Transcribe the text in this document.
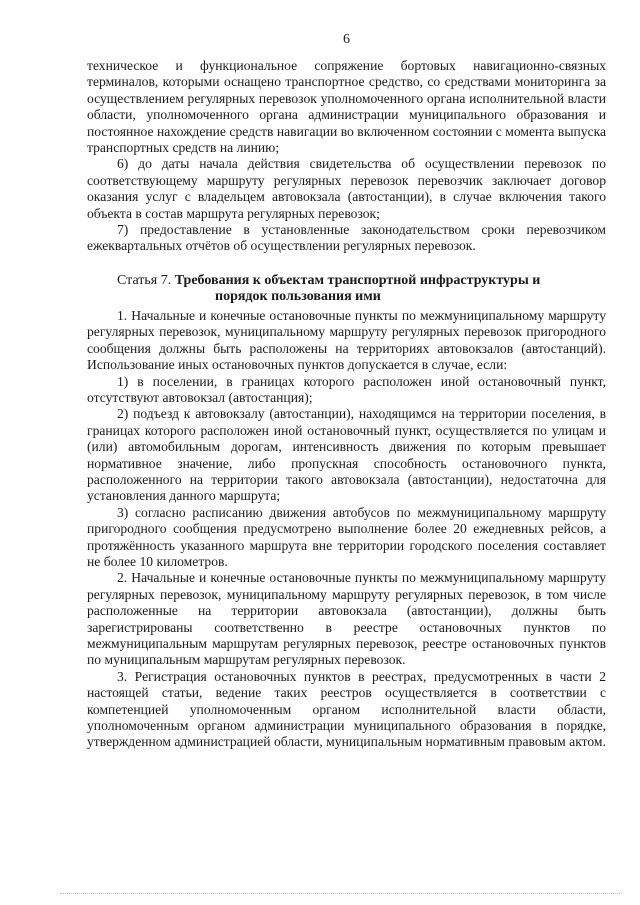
6

техническое и функциональное сопряжение бортовых навигационно-связных терминалов, которыми оснащено транспортное средство, со средствами мониторинга за осуществлением регулярных перевозок уполномоченного органа исполнительной власти области, уполномоченного органа администрации муниципального образования и постоянное нахождение средств навигации во включенном состоянии с момента выпуска транспортных средств на линию;

6) до даты начала действия свидетельства об осуществлении перевозок по соответствующему маршруту регулярных перевозок перевозчик заключает договор оказания услуг с владельцем автовокзала (автостанции), в случае включения такого объекта в состав маршрута регулярных перевозок;

7) предоставление в установленные законодательством сроки перевозчиком ежеквартальных отчётов об осуществлении регулярных перевозок.

Статья 7. Требования к объектам транспортной инфраструктуры и
порядок пользования ими

1. Начальные и конечные остановочные пункты по межмуниципальному маршруту регулярных перевозок, муниципальному маршруту регулярных перевозок пригородного сообщения должны быть расположены на территориях автовокзалов (автостанций). Использование иных остановочных пунктов допускается в случае, если:

1) в поселении, в границах которого расположен иной остановочный пункт, отсутствуют автовокзал (автостанция);

2) подъезд к автовокзалу (автостанции), находящимся на территории поселения, в границах которого расположен иной остановочный пункт, осуществляется по улицам и (или) автомобильным дорогам, интенсивность движения по которым превышает нормативное значение, либо пропускная способность остановочного пункта, расположенного на территории такого автовокзала (автостанции), недостаточна для установления данного маршрута;

3) согласно расписанию движения автобусов по межмуниципальному маршруту пригородного сообщения предусмотрено выполнение более 20 ежедневных рейсов, а протяжённость указанного маршрута вне территории городского поселения составляет не более 10 километров.

2. Начальные и конечные остановочные пункты по межмуниципальному маршруту регулярных перевозок, муниципальному маршруту регулярных перевозок, в том числе расположенные на территории автовокзала (автостанции), должны быть зарегистрированы соответственно в реестре остановочных пунктов по межмуниципальным маршрутам регулярных перевозок, реестре остановочных пунктов по муниципальным маршрутам регулярных перевозок.

3. Регистрация остановочных пунктов в реестрах, предусмотренных в части 2 настоящей статьи, ведение таких реестров осуществляется в соответствии с компетенцией уполномоченным органом исполнительной власти области, уполномоченным органом администрации муниципального образования в порядке, утвержденном администрацией области, муниципальным нормативным правовым актом.
